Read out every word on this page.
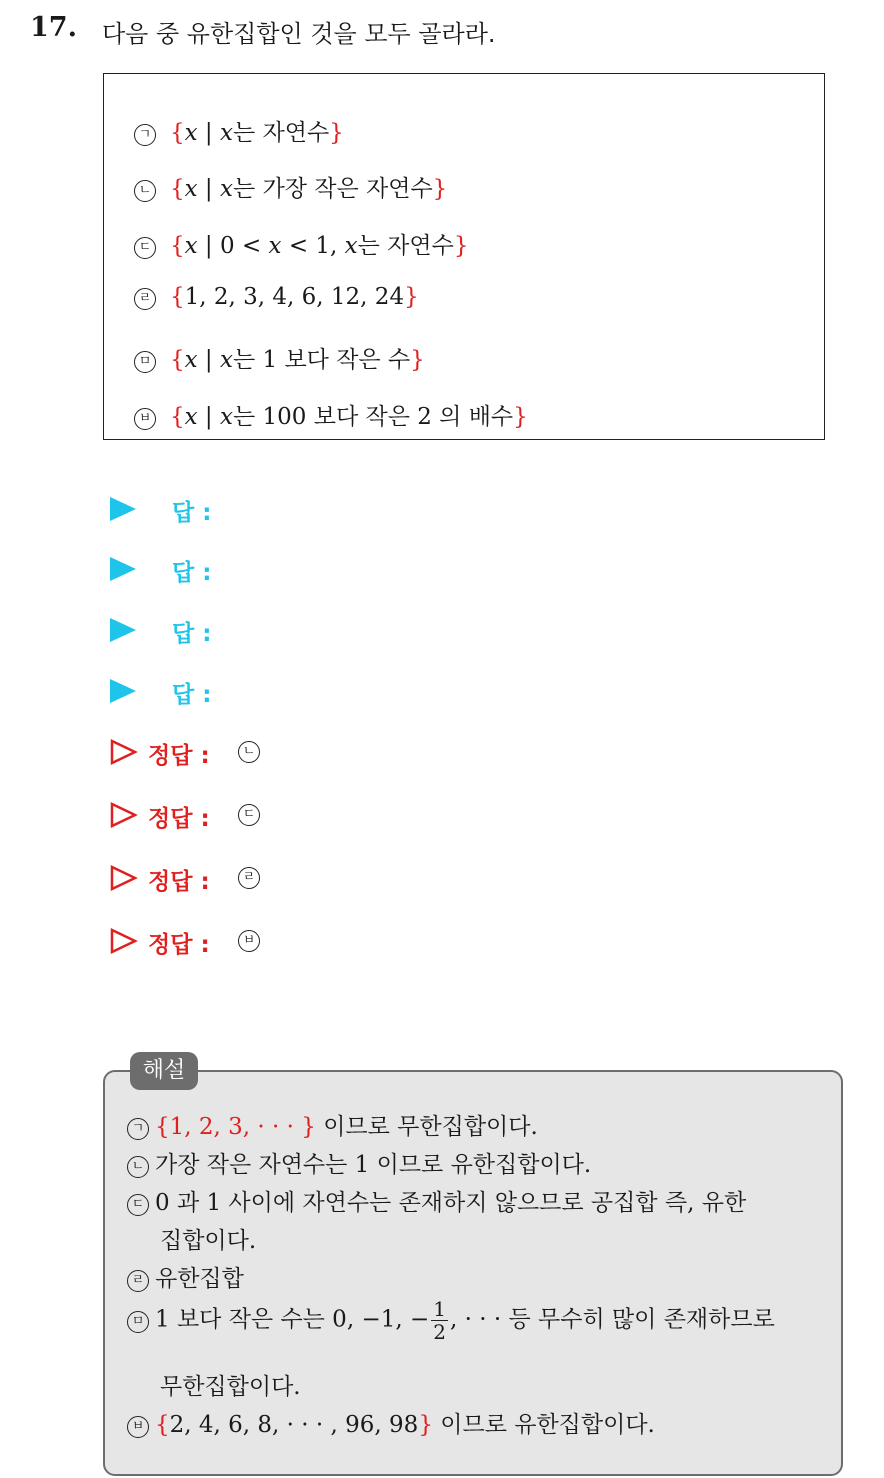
17. 다음 중 유한집합인 것을 모두 골라라.
ㄱ {x | x는 자연수}
ㄴ {x | x는 가장 작은 자연수}
ㄷ {x | 0 < x < 1, x는 자연수}
ㄹ {1, 2, 3, 4, 6, 12, 24}
ㅁ {x | x는 1 보다 작은 수}
ㅂ {x | x는 100 보다 작은 2 의 배수}
답 :
답 :
답 :
답 :
정답 :	ㄴ
정답 :	ㄷ
정답 :	ㄹ
정답 :	ㅂ
ㄱ {1, 2, 3, · · · } 이므로 무한집합이다.
ㄴ 가장 작은 자연수는 1 이므로 유한집합이다.
ㄷ 0 과 1 사이에 자연수는 존재하지 않으므로 공집합 즉, 유한
집합이다.
ㄹ 유한집합
ㅁ 1 보다 작은 수는 0, −1, − $\frac{1}{2}$ , · · · 등 무수히 많이 존재하므로
무한집합이다.
ㅂ {2, 4, 6, 8, · · · , 96, 98} 이므로 유한집합이다.
해설
